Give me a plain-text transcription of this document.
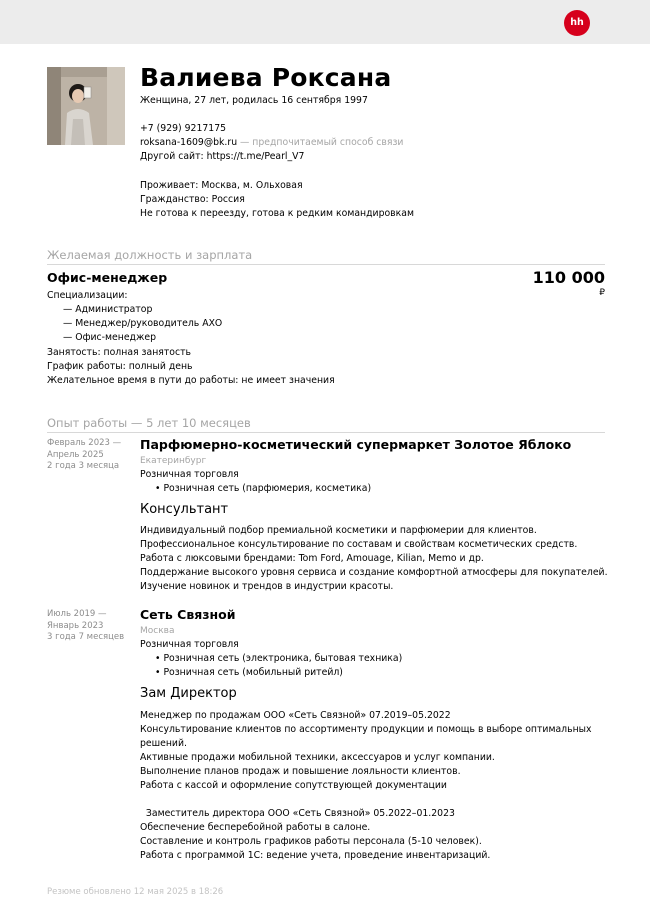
hh
Валиева Роксана
Женщина, 27 лет, родилась 16 сентября 1997
+7 (929) 9217175
roksana-1609@bk.ru — предпочитаемый способ связи
Другой сайт: https://t.me/Pearl_V7
Проживает: Москва, м. Ольховая
Гражданство: Россия
Не готова к переезду, готова к редким командировкам
Желаемая должность и зарплата
Офис-менеджер	110 000
₽
Специализации:
— Администратор
— Менеджер/руководитель АХО
— Офис-менеджер
Занятость: полная занятость
График работы: полный день
Желательное время в пути до работы: не имеет значения
Опыт работы — 5 лет 10 месяцев
Февраль 2023 —
Апрель 2025
2 года 3 месяца
Парфюмерно-косметический супермаркет Золотое Яблоко
Екатеринбург
Розничная торговля
• Розничная сеть (парфюмерия, косметика)
Консультант
Индивидуальный подбор премиальной косметики и парфюмерии для клиентов.
Профессиональное консультирование по составам и свойствам косметических средств.
Работа с люксовыми брендами: Tom Ford, Amouage, Kilian, Memo и др.
Поддержание высокого уровня сервиса и создание комфортной атмосферы для покупателей.
Изучение новинок и трендов в индустрии красоты.
Июль 2019 —
Январь 2023
3 года 7 месяцев
Сеть Связной
Москва
Розничная торговля
• Розничная сеть (электроника, бытовая техника)
• Розничная сеть (мобильный ритейл)
Зам Директор
Менеджер по продажам ООО «Сеть Связной» 07.2019–05.2022
Консультирование клиентов по ассортименту продукции и помощь в выборе оптимальных
решений.
Активные продажи мобильной техники, аксессуаров и услуг компании.
Выполнение планов продаж и повышение лояльности клиентов.
Работа с кассой и оформление сопутствующей документации
Заместитель директора ООО «Сеть Связной» 05.2022–01.2023
Обеспечение бесперебойной работы в салоне.
Составление и контроль графиков работы персонала (5-10 человек).
Работа с программой 1С: ведение учета, проведение инвентаризаций.
Резюме обновлено 12 мая 2025 в 18:26
